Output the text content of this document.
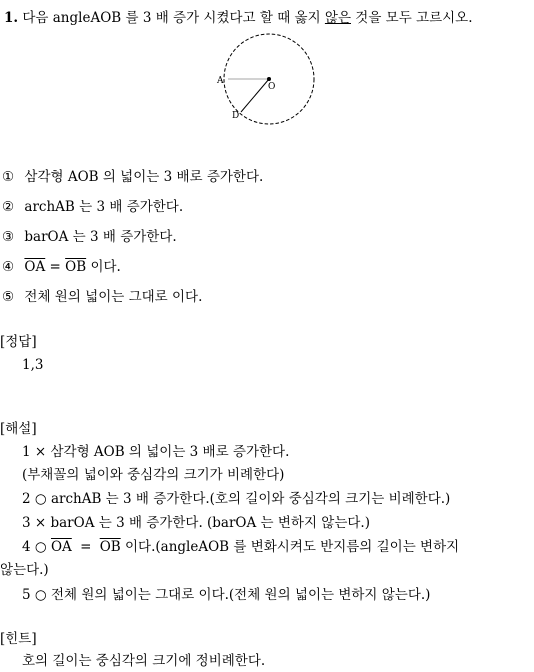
1. 다음 angleAOB 를 3 배 증가 시켰다고 할 때 옳지 않은 것을 모두 고르시오.
A
O
D
① 삼각형 AOB 의 넓이는 3 배로 증가한다.
② archAB 는 3 배 증가한다.
③ barOA 는 3 배 증가한다.
④ $\overline{OA} = \overline{OB}$ 이다.
⑤ 전체 원의 넓이는 그대로 이다.
[정답]
1,3
[해설]
1 × 삼각형 AOB 의 넓이는 3 배로 증가한다.
(부채꼴의 넓이와 중심각의 크기가 비례한다)
2 ○ archAB 는 3 배 증가한다.(호의 길이와 중심각의 크기는 비례한다.)
3 × barOA 는 3 배 증가한다. (barOA 는 변하지 않는다.)
4 ○ $\overline{OA} = \overline{OB}$ 이다.(angleAOB 를 변화시켜도 반지름의 길이는 변하지
않는다.)
5 ○ 전체 원의 넓이는 그대로 이다.(전체 원의 넓이는 변하지 않는다.)
[힌트]
호의 길이는 중심각의 크기에 정비례한다.
